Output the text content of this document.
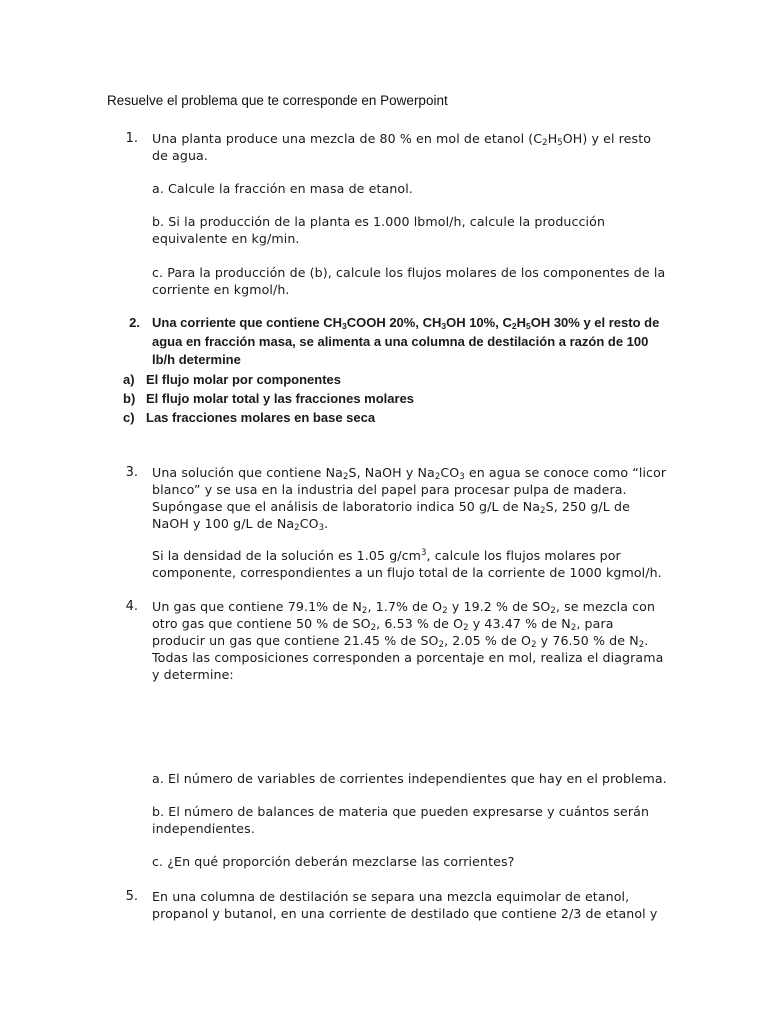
Resuelve el problema que te corresponde en Powerpoint
1. Una planta produce una mezcla de 80 % en mol de etanol $(C_2H_5OH)$ y el resto
de agua.
a. Calcule la fracción en masa de etanol.
b. Si la producción de la planta es 1.000 lbmol/h, calcule la producción
equivalente en kg/min.
c. Para la producción de (b), calcule los flujos molares de los componentes de la
corriente en kgmol/h.
2. Una corriente que contiene $CH_3COOH$ 20%, $CH_3OH$ 10%, $C_2H_5OH$ 30% y el resto de
agua en fracción masa, se alimenta a una columna de destilación a razón de 100
lb/h determine
a) El flujo molar por componentes
b) El flujo molar total y las fracciones molares
c) Las fracciones molares en base seca
3. Una solución que contiene $Na_2S$, NaOH y $Na_2CO_3$ en agua se conoce como “licor
blanco” y se usa en la industria del papel para procesar pulpa de madera.
Supóngase que el análisis de laboratorio indica 50 g/L de $Na_2S$, 250 g/L de
NaOH y 100 g/L de $Na_2CO_3$.
Si la densidad de la solución es 1.05 $g/cm^3$, calcule los flujos molares por
componente, correspondientes a un flujo total de la corriente de 1000 kgmol/h.
4. Un gas que contiene 79.1% de $N_2$, 1.7% de $O_2$ y 19.2 % de $SO_2$, se mezcla con
otro gas que contiene 50 % de $SO_2$, 6.53 % de $O_2$ y 43.47 % de $N_2$, para
producir un gas que contiene 21.45 % de $SO_2$, 2.05 % de $O_2$ y 76.50 % de $N_2$.
Todas las composiciones corresponden a porcentaje en mol, realiza el diagrama
y determine:
a. El número de variables de corrientes independientes que hay en el problema.
b. El número de balances de materia que pueden expresarse y cuántos serán
independientes.
c. ¿En qué proporción deberán mezclarse las corrientes?
5. En una columna de destilación se separa una mezcla equimolar de etanol,
propanol y butanol, en una corriente de destilado que contiene 2/3 de etanol y
